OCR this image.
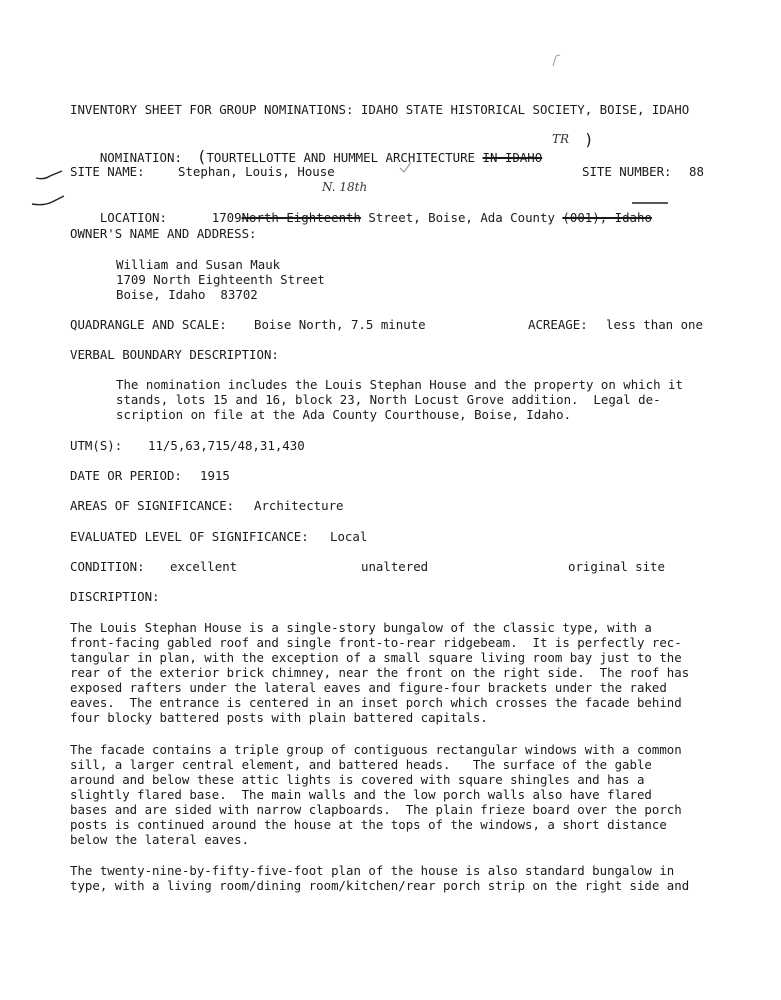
INVENTORY SHEET FOR GROUP NOMINATIONS: IDAHO STATE HISTORICAL SOCIETY, BOISE, IDAHO

NOMINATION: (TOURTELLOTTE AND HUMMEL ARCHITECTURE IN IDAHO

TR )
SITE NAME:	Stephan, Louis, House	SITE NUMBER: 88
N. 18th

LOCATION:	1709North Eighteenth Street, Boise, Ada County (001), Idaho

OWNER'S NAME AND ADDRESS:
William and Susan Mauk
1709 North Eighteenth Street
Boise, Idaho  83702
QUADRANGLE AND SCALE: Boise North, 7.5 minute	ACREAGE: less than one
VERBAL BOUNDARY DESCRIPTION:
The nomination includes the Louis Stephan House and the property on which it
stands, lots 15 and 16, block 23, North Locust Grove addition.  Legal de-
scription on file at the Ada County Courthouse, Boise, Idaho.
UTM(S): 11/5,63,715/48,31,430
DATE OR PERIOD: 1915
AREAS OF SIGNIFICANCE: Architecture
EVALUATED LEVEL OF SIGNIFICANCE: Local
CONDITION: excellent	unaltered	original site
DISCRIPTION:
The Louis Stephan House is a single-story bungalow of the classic type, with a
front-facing gabled roof and single front-to-rear ridgebeam.  It is perfectly rec-
tangular in plan, with the exception of a small square living room bay just to the
rear of the exterior brick chimney, near the front on the right side.  The roof has
exposed rafters under the lateral eaves and figure-four brackets under the raked
eaves.  The entrance is centered in an inset porch which crosses the facade behind
four blocky battered posts with plain battered capitals.
The facade contains a triple group of contiguous rectangular windows with a common
sill, a larger central element, and battered heads.   The surface of the gable
around and below these attic lights is covered with square shingles and has a
slightly flared base.  The main walls and the low porch walls also have flared
bases and are sided with narrow clapboards.  The plain frieze board over the porch
posts is continued around the house at the tops of the windows, a short distance
below the lateral eaves.
The twenty-nine-by-fifty-five-foot plan of the house is also standard bungalow in
type, with a living room/dining room/kitchen/rear porch strip on the right side and
